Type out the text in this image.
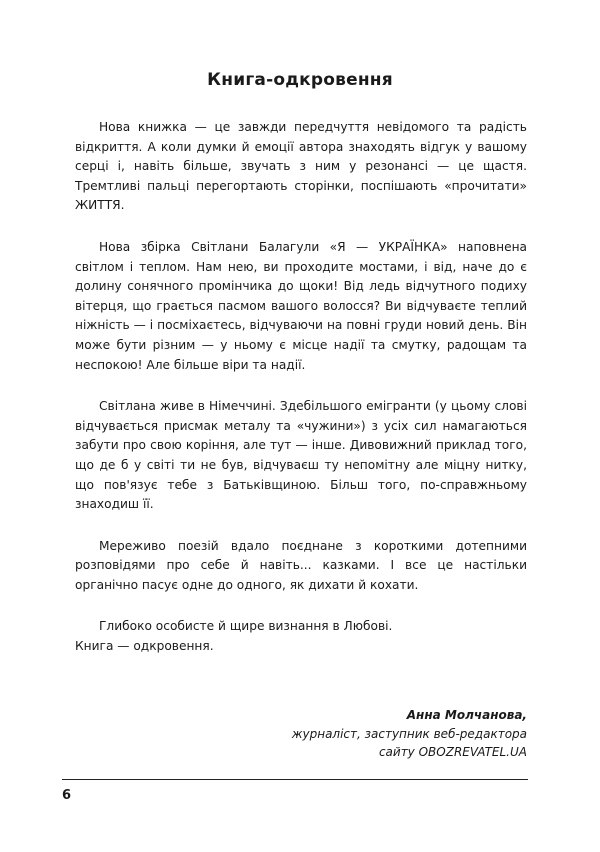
Книга-одкровення

Нова книжка — це завжди передчуття невідомого та радість відкриття. А коли думки й емоції автора знаходять відгук у вашому серці і, навіть більше, звучать з ним у резонансі — це щастя. Тремтливі пальці перегортають сторінки, поспішають «прочитати» ЖИТТЯ.

Нова збірка Світлани Балагули «Я — УКРАЇНКА» наповнена світлом і теплом. Нам нею, ви проходите мостами, і від, наче до є долину сонячного промінчика до щоки! Від ледь відчутного подиху вітерця, що грається пасмом вашого волосся? Ви відчуваєте теплий ніжність — і посміхаєтесь, відчуваючи на повні груди новий день. Він може бути різним — у ньому є місце надії та смутку, радощам та неспокою! Але більше віри та надії.

Світлана живе в Німеччині. Здебільшого емігранти (у цьому слові відчувається присмак металу та «чужини») з усіх сил намагаються забути про свою коріння, але тут — інше. Дивовижний приклад того, що де б у світі ти не був, відчуваєш ту непомітну але міцну нитку, що пов'язує тебе з Батьківщиною. Більш того, по-справжньому знаходиш її.

Мереживо поезій вдало поєднане з короткими дотепними розповідями про себе й навіть... казками. І все це настільки органічно пасує одне до одного, як дихати й кохати.

Глибоко особисте й щире визнання в Любові.
Книга — одкровення.

Анна Молчанова,
журналіст, заступник веб-редактора
сайту OBOZREVATEL.UA
6
